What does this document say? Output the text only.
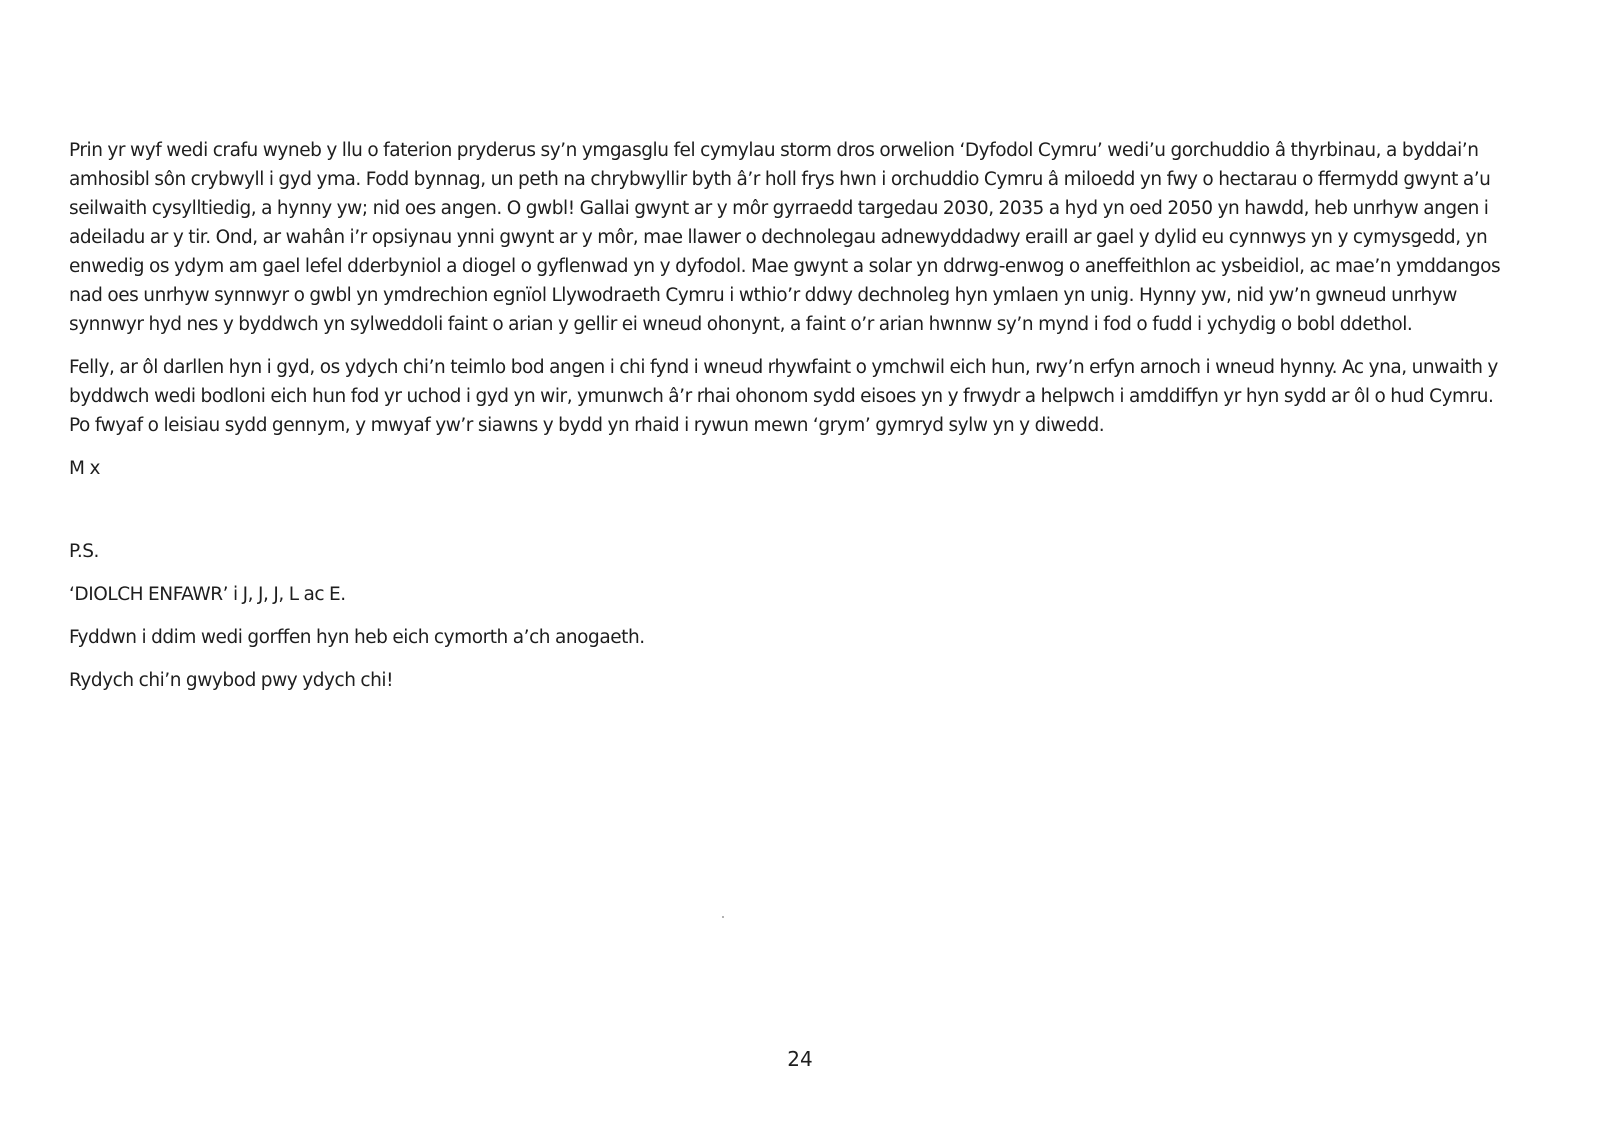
Prin yr wyf wedi crafu wyneb y llu o faterion pryderus sy’n ymgasglu fel cymylau storm dros orwelion ‘Dyfodol Cymru’ wedi’u gorchuddio â thyrbinau, a byddai’n amhosibl sôn crybwyll i gyd yma. Fodd bynnag, un peth na chrybwyllir byth â’r holl frys hwn i orchuddio Cymru â miloedd yn fwy o hectarau o ffermydd gwynt a’u seilwaith cysylltiedig, a hynny yw; nid oes angen. O gwbl! Gallai gwynt ar y môr gyrraedd targedau 2030, 2035 a hyd yn oed 2050 yn hawdd, heb unrhyw angen i adeiladu ar y tir. Ond, ar wahân i’r opsiynau ynni gwynt ar y môr, mae llawer o dechnolegau adnewyddadwy eraill ar gael y dylid eu cynnwys yn y cymysgedd, yn enwedig os ydym am gael lefel dderbyniol a diogel o gyflenwad yn y dyfodol. Mae gwynt a solar yn ddrwg-enwog o aneffeithlon ac ysbeidiol, ac mae’n ymddangos nad oes unrhyw synnwyr o gwbl yn ymdrechion egnïol Llywodraeth Cymru i wthio’r ddwy dechnoleg hyn ymlaen yn unig. Hynny yw, nid yw’n gwneud unrhyw synnwyr hyd nes y byddwch yn sylweddoli faint o arian y gellir ei wneud ohonynt, a faint o’r arian hwnnw sy’n mynd i fod o fudd i ychydig o bobl ddethol.

Felly, ar ôl darllen hyn i gyd, os ydych chi’n teimlo bod angen i chi fynd i wneud rhywfaint o ymchwil eich hun, rwy’n erfyn arnoch i wneud hynny. Ac yna, unwaith y byddwch wedi bodloni eich hun fod yr uchod i gyd yn wir, ymunwch â’r rhai ohonom sydd eisoes yn y frwydr a helpwch i amddiffyn yr hyn sydd ar ôl o hud Cymru. Po fwyaf o leisiau sydd gennym, y mwyaf yw’r siawns y bydd yn rhaid i rywun mewn ‘grym’ gymryd sylw yn y diwedd.

M x

P.S.

‘DIOLCH ENFAWR’ i J, J, J, L ac E.

Fyddwn i ddim wedi gorffen hyn heb eich cymorth a’ch anogaeth.

Rydych chi’n gwybod pwy ydych chi!

24
